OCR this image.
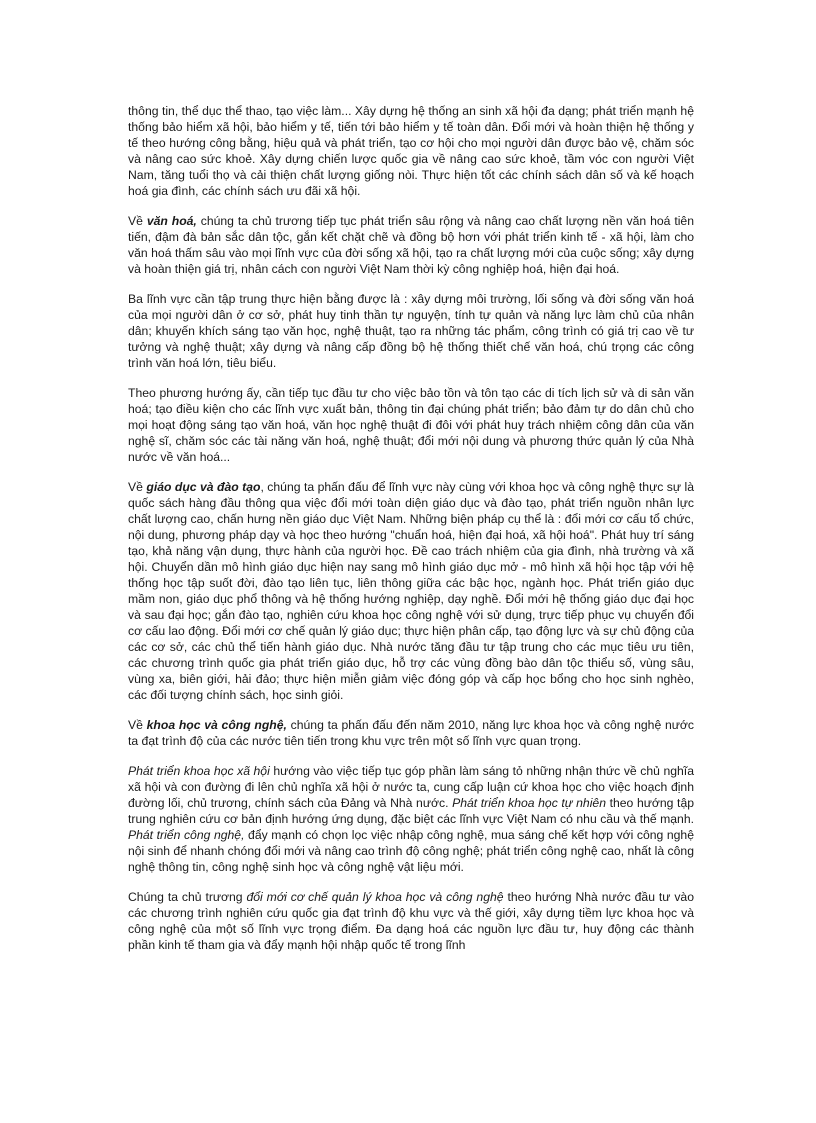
thông tin, thể dục thể thao, tạo việc làm... Xây dựng hệ thống an sinh xã hội đa dạng; phát triển mạnh hệ thống bảo hiểm xã hội, bảo hiểm y tế, tiến tới bảo hiểm y tế toàn dân. Đổi mới và hoàn thiện hệ thống y tế theo hướng công bằng, hiệu quả và phát triển, tạo cơ hội cho mọi người dân được bảo vệ, chăm sóc và nâng cao sức khoẻ. Xây dựng chiến lược quốc gia về nâng cao sức khoẻ, tầm vóc con người Việt Nam, tăng tuổi thọ và cải thiện chất lượng giống nòi. Thực hiện tốt các chính sách dân số và kế hoạch hoá gia đình, các chính sách ưu đãi xã hội.

Về văn hoá, chúng ta chủ trương tiếp tục phát triển sâu rộng và nâng cao chất lượng nền văn hoá tiên tiến, đậm đà bản sắc dân tộc, gắn kết chặt chẽ và đồng bộ hơn với phát triển kinh tế - xã hội, làm cho văn hoá thấm sâu vào mọi lĩnh vực của đời sống xã hội, tạo ra chất lượng mới của cuộc sống; xây dựng và hoàn thiện giá trị, nhân cách con người Việt Nam thời kỳ công nghiệp hoá, hiện đại hoá.

Ba lĩnh vực cần tập trung thực hiện bằng được là : xây dựng môi trường, lối sống và đời sống văn hoá của mọi người dân ở cơ sở, phát huy tinh thần tự nguyện, tính tự quản và năng lực làm chủ của nhân dân; khuyến khích sáng tạo văn học, nghệ thuật, tạo ra những tác phẩm, công trình có giá trị cao về tư tưởng và nghệ thuật; xây dựng và nâng cấp đồng bộ hệ thống thiết chế văn hoá, chú trọng các công trình văn hoá lớn, tiêu biểu.

Theo phương hướng ấy, cần tiếp tục đầu tư cho việc bảo tồn và tôn tạo các di tích lịch sử và di sản văn hoá; tạo điều kiện cho các lĩnh vực xuất bản, thông tin đại chúng phát triển; bảo đảm tự do dân chủ cho mọi hoạt động sáng tạo văn hoá, văn học nghệ thuật đi đôi với phát huy trách nhiệm công dân của văn nghệ sĩ, chăm sóc các tài năng văn hoá, nghệ thuật; đổi mới nội dung và phương thức quản lý của Nhà nước về văn hoá...

Về giáo dục và đào tạo, chúng ta phấn đấu để lĩnh vực này cùng với khoa học và công nghệ thực sự là quốc sách hàng đầu thông qua việc đổi mới toàn diện giáo dục và đào tạo, phát triển nguồn nhân lực chất lượng cao, chấn hưng nền giáo dục Việt Nam. Những biện pháp cụ thể là : đổi mới cơ cấu tổ chức, nội dung, phương pháp dạy và học theo hướng "chuẩn hoá, hiện đại hoá, xã hội hoá". Phát huy trí sáng tạo, khả năng vận dụng, thực hành của người học. Đề cao trách nhiệm của gia đình, nhà trường và xã hội. Chuyển dần mô hình giáo dục hiện nay sang mô hình giáo dục mở - mô hình xã hội học tập với hệ thống học tập suốt đời, đào tạo liên tục, liên thông giữa các bậc học, ngành học. Phát triển giáo dục mầm non, giáo dục phổ thông và hệ thống hướng nghiệp, dạy nghề. Đổi mới hệ thống giáo dục đại học và sau đại học; gắn đào tạo, nghiên cứu khoa học công nghệ với sử dụng, trực tiếp phục vụ chuyển đổi cơ cấu lao động. Đổi mới cơ chế quản lý giáo dục; thực hiện phân cấp, tạo động lực và sự chủ động của các cơ sở, các chủ thể tiến hành giáo dục. Nhà nước tăng đầu tư tập trung cho các mục tiêu ưu tiên, các chương trình quốc gia phát triển giáo dục, hỗ trợ các vùng đồng bào dân tộc thiểu số, vùng sâu, vùng xa, biên giới, hải đảo; thực hiện miễn giảm việc đóng góp và cấp học bổng cho học sinh nghèo, các đối tượng chính sách, học sinh giỏi.

Về khoa học và công nghệ, chúng ta phấn đấu đến năm 2010, năng lực khoa học và công nghệ nước ta đạt trình độ của các nước tiên tiến trong khu vực trên một số lĩnh vực quan trọng.

Phát triển khoa học xã hội hướng vào việc tiếp tục góp phần làm sáng tỏ những nhận thức về chủ nghĩa xã hội và con đường đi lên chủ nghĩa xã hội ở nước ta, cung cấp luận cứ khoa học cho việc hoạch định đường lối, chủ trương, chính sách của Đảng và Nhà nước. Phát triển khoa học tự nhiên theo hướng tập trung nghiên cứu cơ bản định hướng ứng dụng, đặc biệt các lĩnh vực Việt Nam có nhu cầu và thế mạnh. Phát triển công nghệ, đẩy mạnh có chọn lọc việc nhập công nghệ, mua sáng chế kết hợp với công nghệ nội sinh để nhanh chóng đổi mới và nâng cao trình độ công nghệ; phát triển công nghệ cao, nhất là công nghệ thông tin, công nghệ sinh học và công nghệ vật liệu mới.

Chúng ta chủ trương đổi mới cơ chế quản lý khoa học và công nghệ theo hướng Nhà nước đầu tư vào các chương trình nghiên cứu quốc gia đạt trình độ khu vực và thế giới, xây dựng tiềm lực khoa học và công nghệ của một số lĩnh vực trọng điểm. Đa dạng hoá các nguồn lực đầu tư, huy động các thành phần kinh tế tham gia và đẩy mạnh hội nhập quốc tế trong lĩnh
